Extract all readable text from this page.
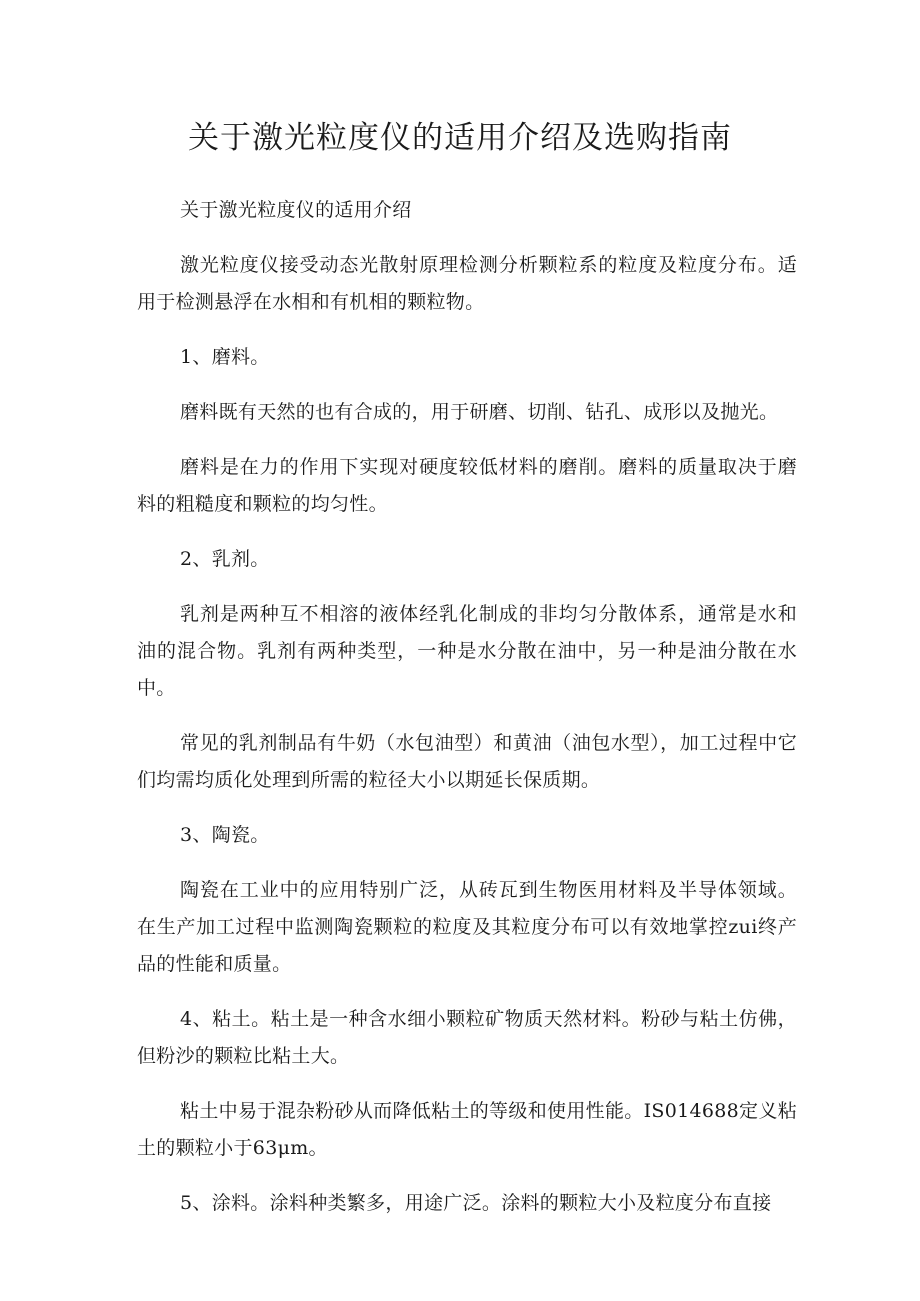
关于激光粒度仪的适用介绍及选购指南

关于激光粒度仪的适用介绍

激光粒度仪接受动态光散射原理检测分析颗粒系的粒度及粒度分布。适用于检测悬浮在水相和有机相的颗粒物。

1、磨料。

磨料既有天然的也有合成的，用于研磨、切削、钻孔、成形以及抛光。

磨料是在力的作用下实现对硬度较低材料的磨削。磨料的质量取决于磨料的粗糙度和颗粒的均匀性。

2、乳剂。

乳剂是两种互不相溶的液体经乳化制成的非均匀分散体系，通常是水和油的混合物。乳剂有两种类型，一种是水分散在油中，另一种是油分散在水中。

常见的乳剂制品有牛奶（水包油型）和黄油（油包水型），加工过程中它们均需均质化处理到所需的粒径大小以期延长保质期。

3、陶瓷。

陶瓷在工业中的应用特别广泛，从砖瓦到生物医用材料及半导体领域。在生产加工过程中监测陶瓷颗粒的粒度及其粒度分布可以有效地掌控zui终产品的性能和质量。

4、粘土。粘土是一种含水细小颗粒矿物质天然材料。粉砂与粘土仿佛，但粉沙的颗粒比粘土大。

粘土中易于混杂粉砂从而降低粘土的等级和使用性能。IS014688定义粘土的颗粒小于63μm。

5、涂料。涂料种类繁多，用途广泛。涂料的颗粒大小及粒度分布直接
